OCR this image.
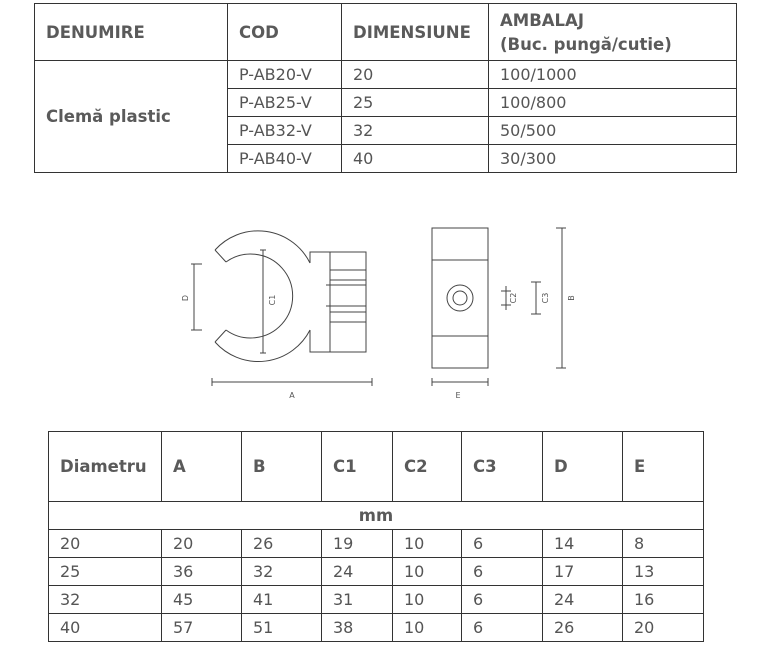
DENUMIRE	COD	DIMENSIUNE	AMBALAJ
(Buc. pungă/cutie)

Clemă plastic	P-AB20-V	20	100/1000
	P-AB25-V	25	100/800
	P-AB32-V	32	50/500
	P-AB40-V	40	30/300
A	E
D	C1	C2	C3 B
Diametru	A	B	C1	C2	C3	D	E
mm							
20	20	26	19	10	6	14	8
25	36	32	24	10	6	17	13
32	45	41	31	10	6	24	16
40	57	51	38	10	6	26	20
